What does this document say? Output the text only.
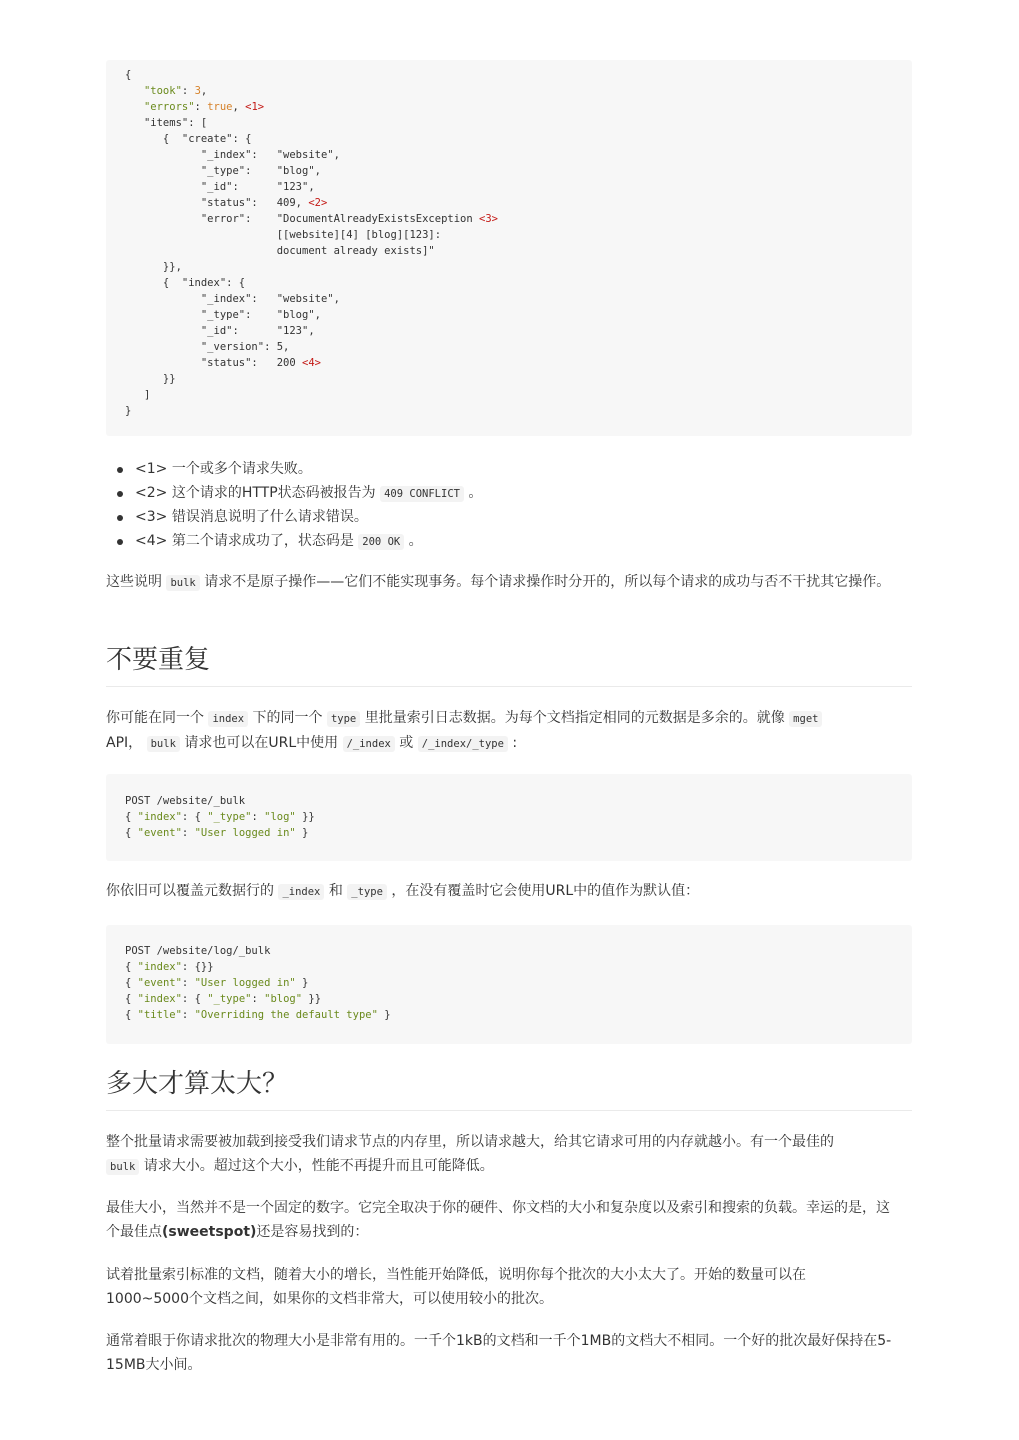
{
"took": 3,
"errors": true, <1>
"items": [
{  "create": {
"_index":   "website",
"_type":    "blog",
"_id":      "123",
"status":   409, <2>
"error":    "DocumentAlreadyExistsException <3>
[[website][4] [blog][123]:
document already exists]"
}},
{  "index": {
"_index":   "website",
"_type":    "blog",
"_id":      "123",
"_version": 5,
"status":   200 <4>
}}
]
}
<1> 一个或多个请求失败。
<2> 这个请求的HTTP状态码被报告为 409 CONFLICT 。
<3> 错误消息说明了什么请求错误。
<4> 第二个请求成功了，状态码是 200 OK 。

这些说明 bulk 请求不是原子操作——它们不能实现事务。每个请求操作时分开的，所以每个请求的成功与否不干扰其它操作。

不要重复

你可能在同一个 index 下的同一个 type 里批量索引日志数据。为每个文档指定相同的元数据是多余的。就像 mget
API， bulk 请求也可以在URL中使用 /_index 或 /_index/_type :

POST /website/_bulk
{ "index": { "_type": "log" }}
{ "event": "User logged in" }

你依旧可以覆盖元数据行的 _index 和 _type ，在没有覆盖时它会使用URL中的值作为默认值：

POST /website/log/_bulk
{ "index": {}}
{ "event": "User logged in" }
{ "index": { "_type": "blog" }}
{ "title": "Overriding the default type" }
多大才算太大？

整个批量请求需要被加载到接受我们请求节点的内存里，所以请求越大，给其它请求可用的内存就越小。有一个最佳的 bulk 请求大小。超过这个大小，性能不再提升而且可能降低。

最佳大小，当然并不是一个固定的数字。它完全取决于你的硬件、你文档的大小和复杂度以及索引和搜索的负载。幸运的是，这个最佳点(sweetspot)还是容易找到的：

试着批量索引标准的文档，随着大小的增长，当性能开始降低，说明你每个批次的大小太大了。开始的数量可以在1000~5000个文档之间，如果你的文档非常大，可以使用较小的批次。

通常着眼于你请求批次的物理大小是非常有用的。一千个1kB的文档和一千个1MB的文档大不相同。一个好的批次最好保持在5-15MB大小间。
